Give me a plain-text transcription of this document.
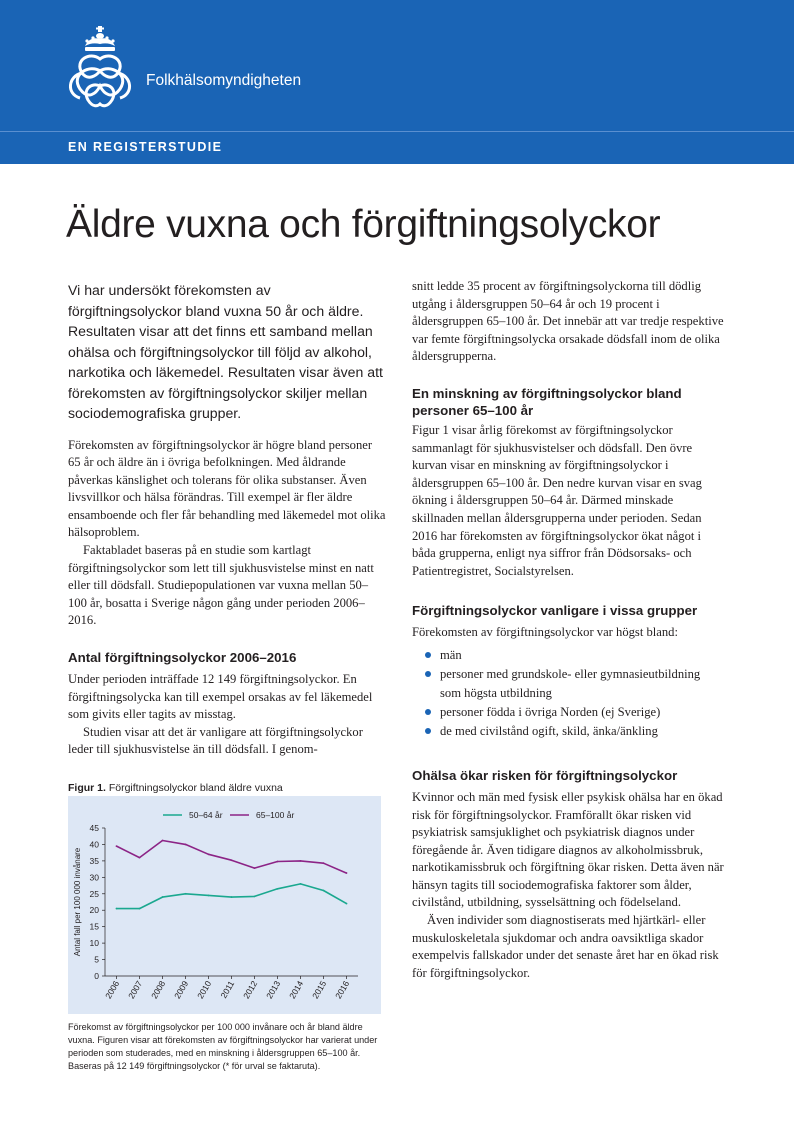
Folkhälsomyndigheten
EN REGISTERSTUDIE
Äldre vuxna och förgiftningsolyckor

Vi har undersökt förekomsten av förgiftningsolyckor bland vuxna 50 år och äldre. Resultaten visar att det finns ett samband mellan ohälsa och förgiftningsolyckor till följd av alkohol, narkotika och läkemedel. Resultaten visar även att förekomsten av förgiftningsolyckor skiljer mellan sociodemografiska grupper.

Förekomsten av förgiftningsolyckor är högre bland personer 65 år och äldre än i övriga befolkningen. Med åldrande påverkas känslighet och tolerans för olika substanser. Även livsvillkor och hälsa förändras. Till exempel är fler äldre ensamboende och fler får behandling med läkemedel mot olika hälsoproblem.

Faktabladet baseras på en studie som kartlagt förgiftningsolyckor som lett till sjukhusvistelse minst en natt eller till dödsfall. Studiepopulationen var vuxna mellan 50–100 år, bosatta i Sverige någon gång under perioden 2006–2016.

Antal förgiftningsolyckor 2006–2016

Under perioden inträffade 12 149 förgiftningsolyckor. En förgiftningsolycka kan till exempel orsakas av fel läkemedel som givits eller tagits av misstag.

Studien visar att det är vanligare att förgiftningsolyckor leder till sjukhusvistelse än till dödsfall. I genom-

Figur 1. Förgiftningsolyckor bland äldre vuxna
0
5
10
15
20
25
30
35
40
45
2006 2007 2008 2009 2010 2011 2012 2013 2014 2015 2016
Antal fall per 100 000 invånare
50–64 år	65–100 år

Förekomst av förgiftningsolyckor per 100 000 invånare och år bland äldre vuxna. Figuren visar att förekomsten av förgiftningsolyckor har varierat under perioden som studerades, med en minskning i åldersgruppen 65–100 år. Baseras på 12 149 förgiftningsolyckor (* för urval se faktaruta).

snitt ledde 35 procent av förgiftningsolyckorna till dödlig utgång i åldersgruppen 50–64 år och 19 procent i åldersgruppen 65–100 år. Det innebär att var tredje respektive var femte förgiftningsolycka orsakade dödsfall inom de olika åldersgrupperna.

En minskning av förgiftningsolyckor bland personer 65–100 år

Figur 1 visar årlig förekomst av förgiftningsolyckor sammanlagt för sjukhusvistelser och dödsfall. Den övre kurvan visar en minskning av förgiftningsolyckor i åldersgruppen 65–100 år. Den nedre kurvan visar en svag ökning i åldersgruppen 50–64 år. Därmed minskade skillnaden mellan åldersgrupperna under perioden. Sedan 2016 har förekomsten av förgiftningsolyckor ökat något i båda grupperna, enligt nya siffror från Dödsorsaks- och Patientregistret, Socialstyrelsen.

Förgiftningsolyckor vanligare i vissa grupper

Förekomsten av förgiftningsolyckor var högst bland:

män
personer med grundskole- eller gymnasieutbildning som högsta utbildning
personer födda i övriga Norden (ej Sverige)
de med civilstånd ogift, skild, änka/änkling
Ohälsa ökar risken för förgiftningsolyckor

Kvinnor och män med fysisk eller psykisk ohälsa har en ökad risk för förgiftningsolyckor. Framförallt ökar risken vid psykiatrisk samsjuklighet och psykiatrisk diagnos under föregående år. Även tidigare diagnos av alkoholmissbruk, narkotikamissbruk och förgiftning ökar risken. Detta även när hänsyn tagits till sociodemografiska faktorer som ålder, civilstånd, utbildning, sysselsättning och födelseland.

Även individer som diagnostiserats med hjärtkärl- eller muskuloskeletala sjukdomar och andra oavsiktliga skador exempelvis fallskador under det senaste året har en ökad risk för förgiftningsolyckor.
